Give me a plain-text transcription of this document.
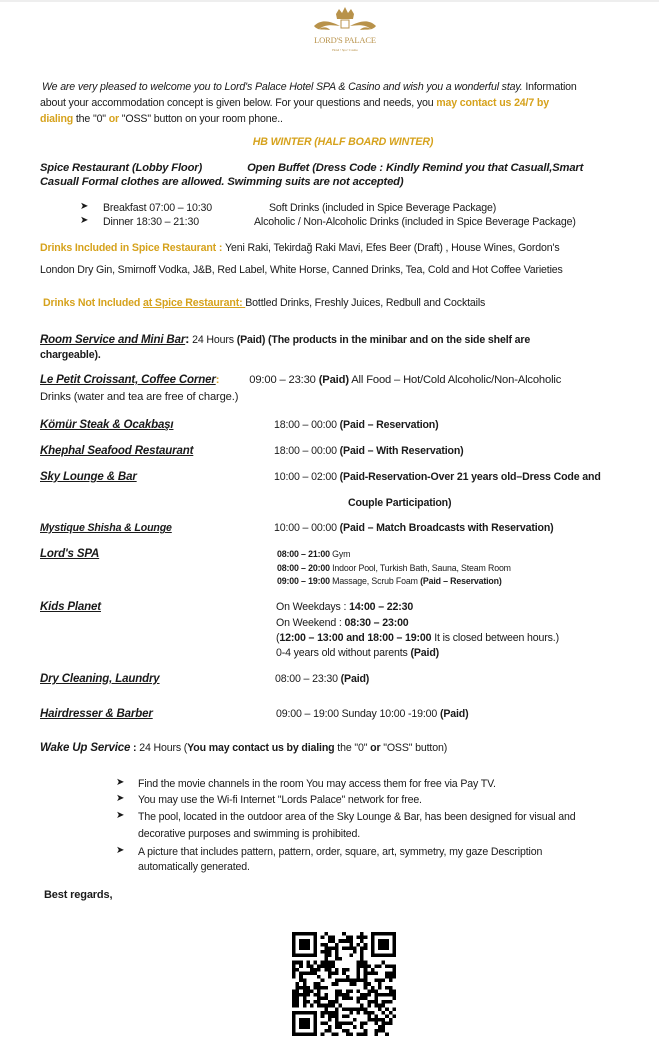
LORD'S PALACE
Hotel • Spa • Casino
We are very pleased to welcome you to Lord's Palace Hotel SPA & Casino and wish you a wonderful stay. Information
about your accommodation concept is given below. For your questions and needs, you may contact us 24/7 by
dialing the "0" or "OSS" button on your room phone..
HB WINTER (HALF BOARD WINTER)
Spice Restaurant (Lobby Floor)	Open Buffet (Dress Code : Kindly Remind you that Casuall,Smart
Casuall Formal clothes are allowed. Swimming suits are not accepted)
➤ Breakfast 07:00 – 10:30	Soft Drinks (included in Spice Beverage Package)
➤ Dinner 18:30 – 21:30	Alcoholic / Non-Alcoholic Drinks (included in Spice Beverage Package)
Drinks Included in Spice Restaurant : Yeni Raki, Tekirdağ Raki Mavi, Efes Beer (Draft) , House Wines, Gordon's
London Dry Gin, Smirnoff Vodka, J&B, Red Label, White Horse, Canned Drinks, Tea, Cold and Hot Coffee Varieties
Drinks Not Included at Spice Restaurant: Bottled Drinks, Freshly Juices, Redbull and Cocktails
Room Service and Mini Bar: 24 Hours (Paid) (The products in the minibar and on the side shelf are
chargeable).
Le Petit Croissant, Coffee Corner:	09:00 – 23:30 (Paid) All Food – Hot/Cold Alcoholic/Non-Alcoholic
Drinks (water and tea are free of charge.)
Kömür Steak & Ocakbaşı	18:00 – 00:00 (Paid – Reservation)
Khephal Seafood Restaurant	18:00 – 00:00 (Paid – With Reservation)
Sky Lounge & Bar	10:00 – 02:00 (Paid-Reservation-Over 21 years old–Dress Code and
Couple Participation)
Mystique Shisha & Lounge	10:00 – 00:00 (Paid – Match Broadcasts with Reservation)
Lord's SPA	08:00 – 21:00 Gym
08:00 – 20:00 Indoor Pool, Turkish Bath, Sauna, Steam Room
09:00 – 19:00 Massage, Scrub Foam (Paid – Reservation)
Kids Planet	On Weekdays : 14:00 – 22:30
On Weekend : 08:30 – 23:00
(12:00 – 13:00 and 18:00 – 19:00 It is closed between hours.)
0-4 years old without parents (Paid)
Dry Cleaning, Laundry	08:00 – 23:30 (Paid)
Hairdresser & Barber	09:00 – 19:00 Sunday 10:00 -19:00 (Paid)
Wake Up Service : 24 Hours (You may contact us by dialing the "0" or "OSS" button)
➤ Find the movie channels in the room You may access them for free via Pay TV.
➤ You may use the Wi-fi Internet "Lords Palace" network for free.
➤ The pool, located in the outdoor area of the Sky Lounge & Bar, has been designed for visual and
decorative purposes and swimming is prohibited.
➤ A picture that includes pattern, pattern, order, square, art, symmetry, my gaze Description
automatically generated.
Best regards,
